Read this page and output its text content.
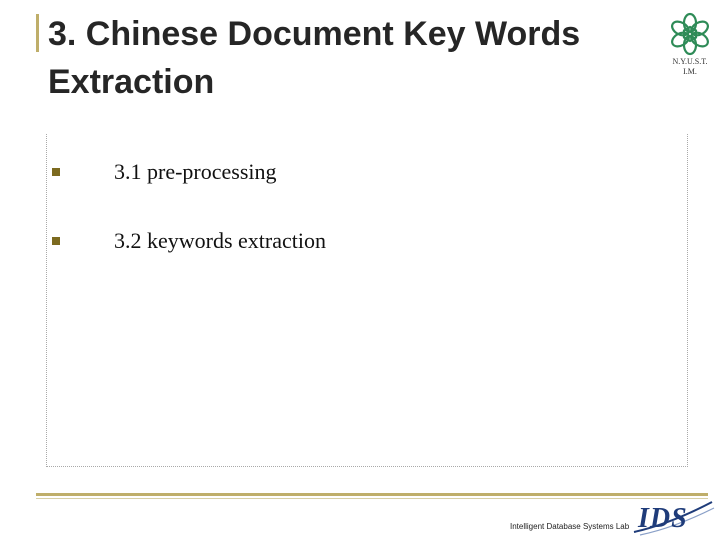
3. Chinese Document Key Words
Extraction
N.Y.U.S.T.
I.M.
3.1 pre-processing
3.2 keywords extraction
Intelligent Database Systems Lab IDS
